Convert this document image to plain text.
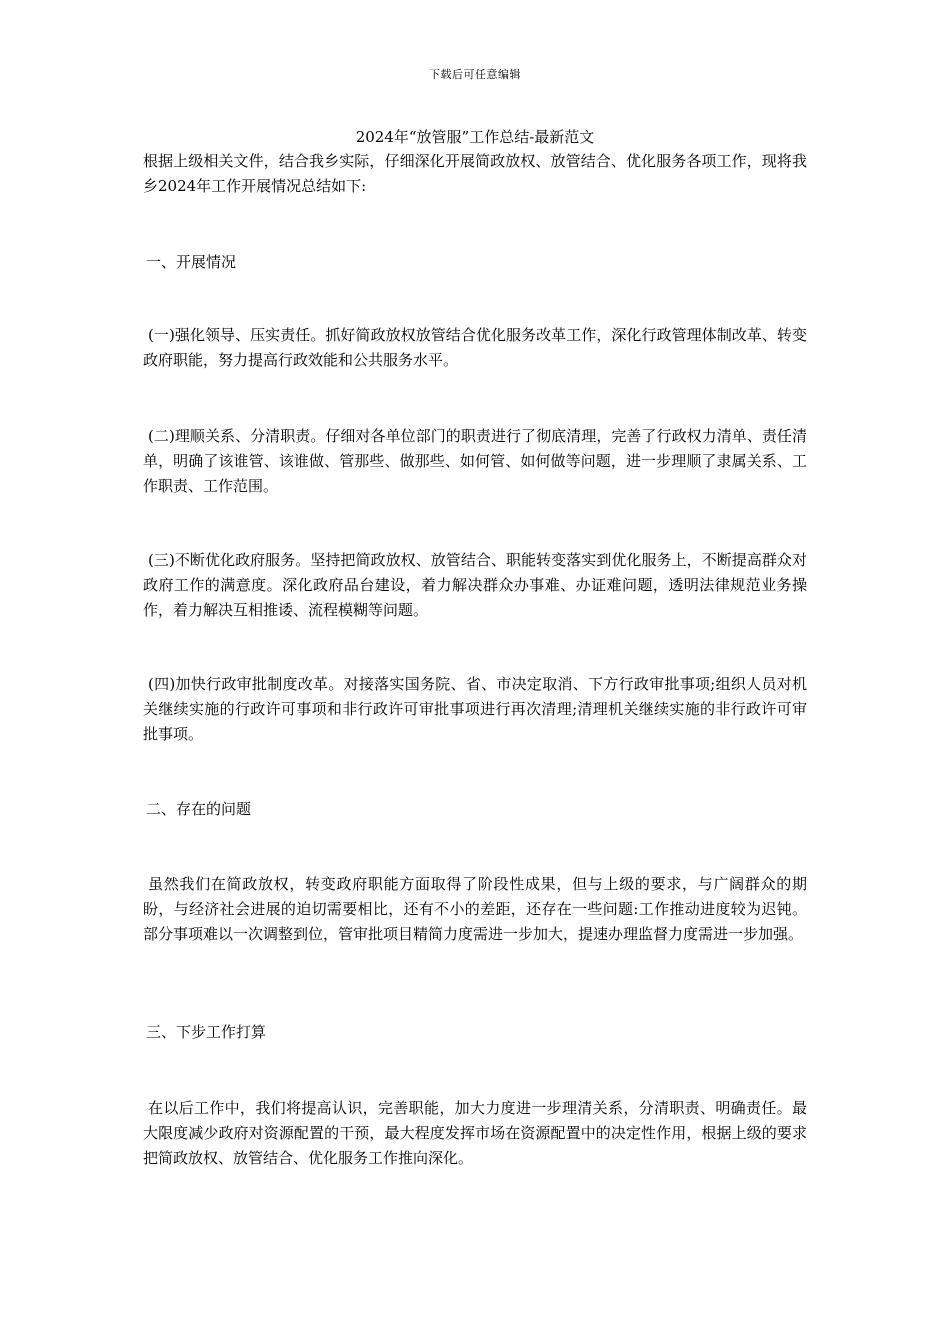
下载后可任意编辑
2024年“放管服”工作总结-最新范文
根据上级相关文件，结合我乡实际，仔细深化开展简政放权、放管结合、优化服务各项工作，现将我乡2024年工作开展情况总结如下:
一、开展情况
(一)强化领导、压实责任。抓好简政放权放管结合优化服务改革工作，深化行政管理体制改革、转变政府职能，努力提高行政效能和公共服务水平。
(二)理顺关系、分清职责。仔细对各单位部门的职责进行了彻底清理，完善了行政权力清单、责任清单，明确了该谁管、该谁做、管那些、做那些、如何管、如何做等问题，进一步理顺了隶属关系、工作职责、工作范围。
(三)不断优化政府服务。坚持把简政放权、放管结合、职能转变落实到优化服务上，不断提高群众对政府工作的满意度。深化政府品台建设，着力解决群众办事难、办证难问题，透明法律规范业务操作，着力解决互相推诿、流程模糊等问题。
(四)加快行政审批制度改革。对接落实国务院、省、市决定取消、下方行政审批事项;组织人员对机关继续实施的行政许可事项和非行政许可审批事项进行再次清理;清理机关继续实施的非行政许可审批事项。
二、存在的问题
虽然我们在简政放权，转变政府职能方面取得了阶段性成果，但与上级的要求，与广阔群众的期盼，与经济社会进展的迫切需要相比，还有不小的差距，还存在一些问题:工作推动进度较为迟钝。部分事项难以一次调整到位，管审批项目精简力度需进一步加大，提速办理监督力度需进一步加强。
三、下步工作打算
在以后工作中，我们将提高认识，完善职能，加大力度进一步理清关系，分清职责、明确责任。最大限度减少政府对资源配置的干预，最大程度发挥市场在资源配置中的决定性作用，根据上级的要求把简政放权、放管结合、优化服务工作推向深化。
